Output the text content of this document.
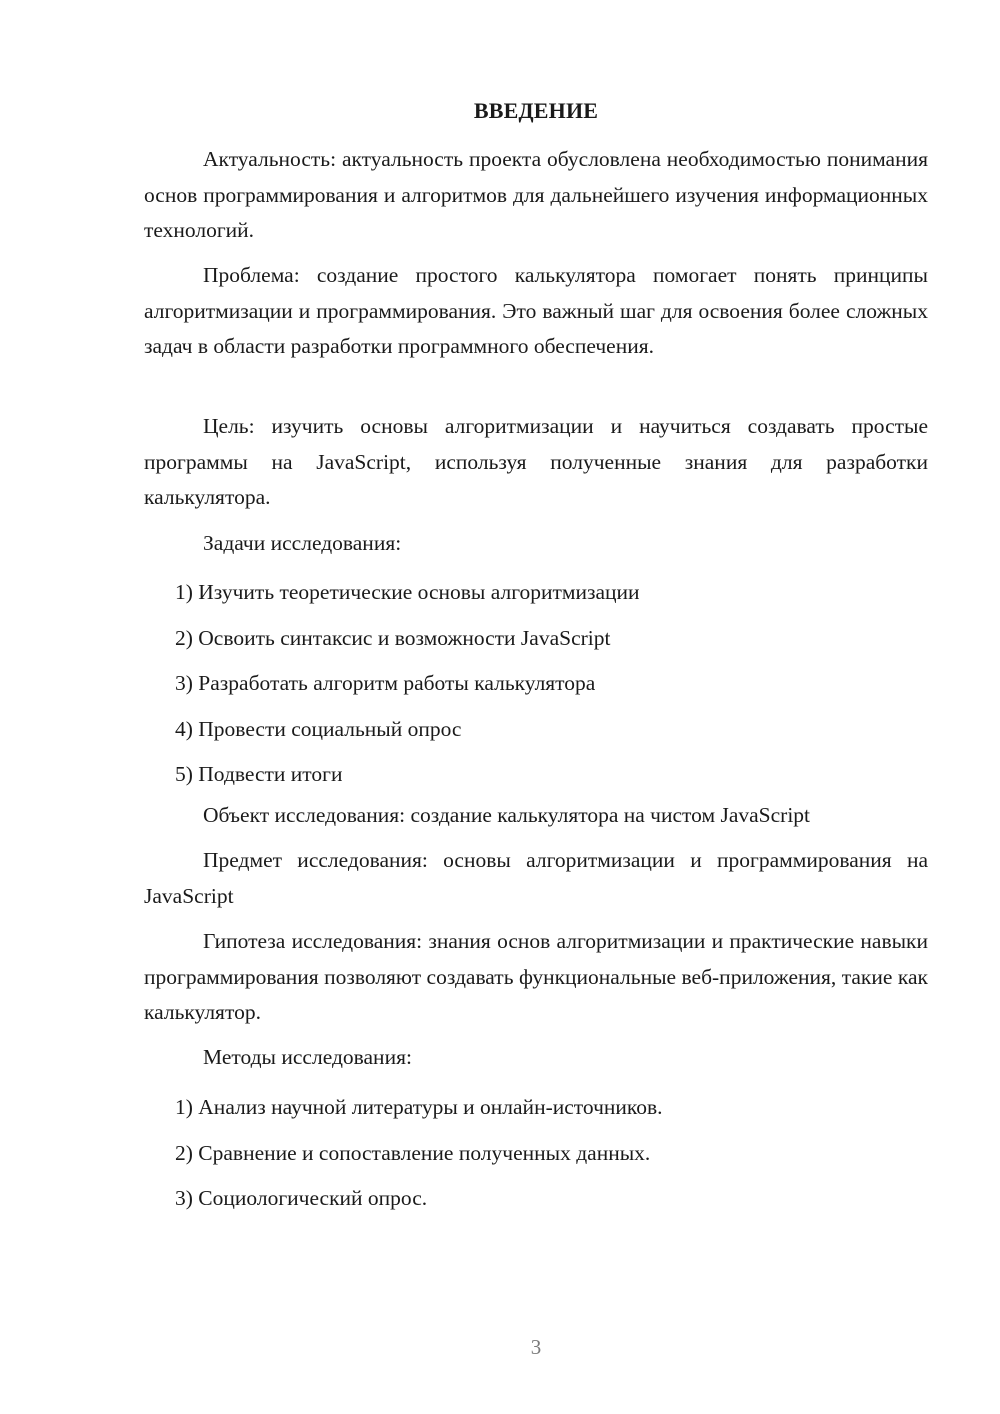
ВВЕДЕНИЕ
Актуальность: актуальность проекта обусловлена необходимостью понимания основ программирования и алгоритмов для дальнейшего изучения информационных технологий.
Проблема: создание простого калькулятора помогает понять принципы алгоритмизации и программирования. Это важный шаг для освоения более сложных задач в области разработки программного обеспечения.
Цель: изучить основы алгоритмизации и научиться создавать простые программы на JavaScript, используя полученные знания для разработки калькулятора.
Задачи исследования:
1) Изучить теоретические основы алгоритмизации
2) Освоить синтаксис и возможности JavaScript
3) Разработать алгоритм работы калькулятора
4) Провести социальный опрос
5) Подвести итоги
Объект исследования: создание калькулятора на чистом JavaScript
Предмет исследования: основы алгоритмизации и программирования на JavaScript
Гипотеза исследования: знания основ алгоритмизации и практические навыки программирования позволяют создавать функциональные веб-приложения, такие как калькулятор.
Методы исследования:
1) Анализ научной литературы и онлайн-источников.
2) Сравнение и сопоставление полученных данных.
3) Социологический опрос.
3
